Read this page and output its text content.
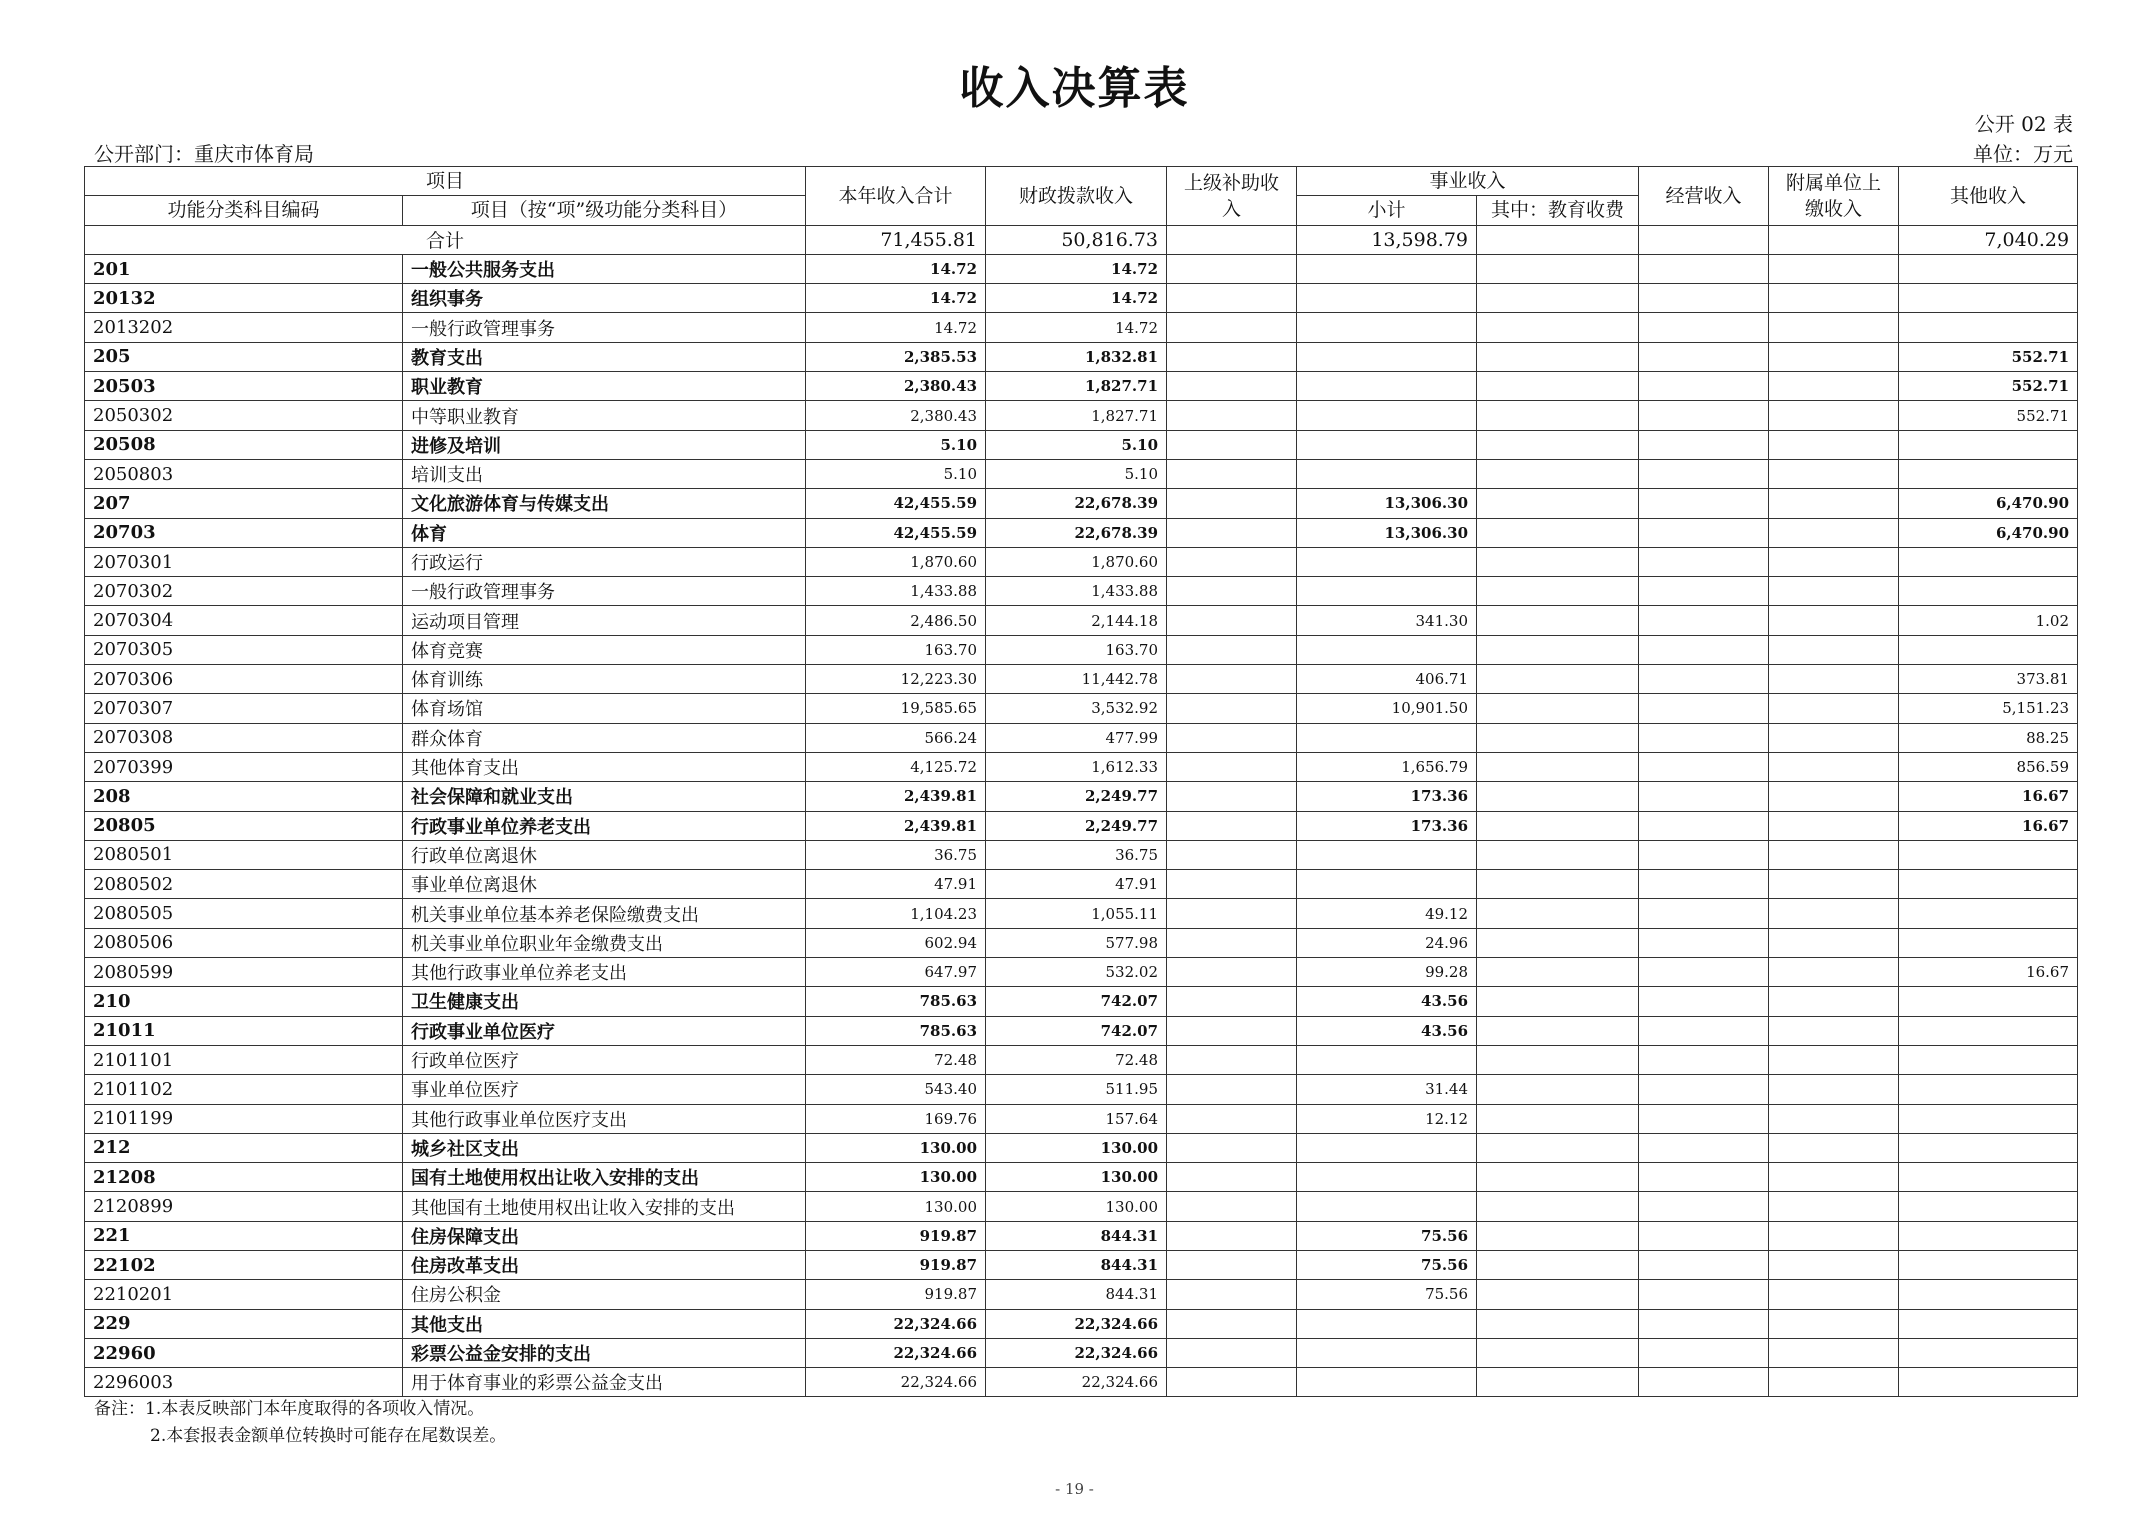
收入决算表
公开 02 表
公开部门：重庆市体育局	单位：万元
项目		本年收入合计	财政拨款收入	上级补助收入	事业收入		经营收入	附属单位上缴收入	其他收入
功能分类科目编码	项目（按“项”级功能分类科目）				小计	其中：教育收费			
合计		71,455.81	50,816.73		13,598.79				7,040.29
201	一般公共服务支出	14.72	14.72						
20132	组织事务	14.72	14.72						
2013202	一般行政管理事务	14.72	14.72						
205	教育支出	2,385.53	1,832.81						552.71
20503	职业教育	2,380.43	1,827.71						552.71
2050302	中等职业教育	2,380.43	1,827.71						552.71
20508	进修及培训	5.10	5.10						
2050803	培训支出	5.10	5.10						
207	文化旅游体育与传媒支出	42,455.59	22,678.39		13,306.30				6,470.90
20703	体育	42,455.59	22,678.39		13,306.30				6,470.90
2070301	行政运行	1,870.60	1,870.60						
2070302	一般行政管理事务	1,433.88	1,433.88						
2070304	运动项目管理	2,486.50	2,144.18		341.30				1.02
2070305	体育竞赛	163.70	163.70						
2070306	体育训练	12,223.30	11,442.78		406.71				373.81
2070307	体育场馆	19,585.65	3,532.92		10,901.50				5,151.23
2070308	群众体育	566.24	477.99						88.25
2070399	其他体育支出	4,125.72	1,612.33		1,656.79				856.59
208	社会保障和就业支出	2,439.81	2,249.77		173.36				16.67
20805	行政事业单位养老支出	2,439.81	2,249.77		173.36				16.67
2080501	行政单位离退休	36.75	36.75						
2080502	事业单位离退休	47.91	47.91						
2080505	机关事业单位基本养老保险缴费支出	1,104.23	1,055.11		49.12				
2080506	机关事业单位职业年金缴费支出	602.94	577.98		24.96				
2080599	其他行政事业单位养老支出	647.97	532.02		99.28				16.67
210	卫生健康支出	785.63	742.07		43.56				
21011	行政事业单位医疗	785.63	742.07		43.56				
2101101	行政单位医疗	72.48	72.48						
2101102	事业单位医疗	543.40	511.95		31.44				
2101199	其他行政事业单位医疗支出	169.76	157.64		12.12				
212	城乡社区支出	130.00	130.00						
21208	国有土地使用权出让收入安排的支出	130.00	130.00						
2120899	其他国有土地使用权出让收入安排的支出	130.00	130.00						
221	住房保障支出	919.87	844.31		75.56				
22102	住房改革支出	919.87	844.31		75.56				
2210201	住房公积金	919.87	844.31		75.56				
229	其他支出	22,324.66	22,324.66						
22960	彩票公益金安排的支出	22,324.66	22,324.66						
2296003	用于体育事业的彩票公益金支出	22,324.66	22,324.66						
备注：1.本表反映部门本年度取得的各项收入情况。
2.本套报表金额单位转换时可能存在尾数误差。
- 19 -
